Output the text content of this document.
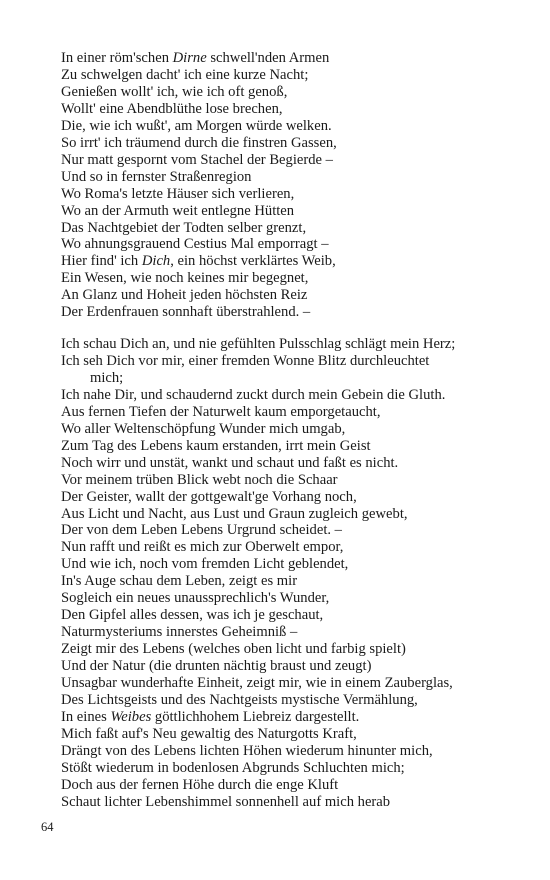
In einer röm'schen Dirne schwell'nden Armen
Zu schwelgen dacht' ich eine kurze Nacht;
Genießen wollt' ich, wie ich oft genoß,
Wollt' eine Abendblüthe lose brechen,
Die, wie ich wußt', am Morgen würde welken.
So irrt' ich träumend durch die finstren Gassen,
Nur matt gespornt vom Stachel der Begierde –
Und so in fernster Straßenregion
Wo Roma's letzte Häuser sich verlieren,
Wo an der Armuth weit entlegne Hütten
Das Nachtgebiet der Todten selber grenzt,
Wo ahnungsgrauend Cestius Mal emporragt –
Hier find' ich Dich, ein höchst verklärtes Weib,
Ein Wesen, wie noch keines mir begegnet,
An Glanz und Hoheit jeden höchsten Reiz
Der Erdenfrauen sonnhaft überstrahlend. –
Ich schau Dich an, und nie gefühlten Pulsschlag schlägt mein Herz;
Ich seh Dich vor mir, einer fremden Wonne Blitz durchleuchtet
mich;
Ich nahe Dir, und schaudernd zuckt durch mein Gebein die Gluth.
Aus fernen Tiefen der Naturwelt kaum emporgetaucht,
Wo aller Weltenschöpfung Wunder mich umgab,
Zum Tag des Lebens kaum erstanden, irrt mein Geist
Noch wirr und unstät, wankt und schaut und faßt es nicht.
Vor meinem trüben Blick webt noch die Schaar
Der Geister, wallt der gottgewalt'ge Vorhang noch,
Aus Licht und Nacht, aus Lust und Graun zugleich gewebt,
Der von dem Leben Lebens Urgrund scheidet. –
Nun rafft und reißt es mich zur Oberwelt empor,
Und wie ich, noch vom fremden Licht geblendet,
In's Auge schau dem Leben, zeigt es mir
Sogleich ein neues unaussprechlich's Wunder,
Den Gipfel alles dessen, was ich je geschaut,
Naturmysteriums innerstes Geheimniß –
Zeigt mir des Lebens (welches oben licht und farbig spielt)
Und der Natur (die drunten nächtig braust und zeugt)
Unsagbar wunderhafte Einheit, zeigt mir, wie in einem Zauberglas,
Des Lichtsgeists und des Nachtgeists mystische Vermählung,
In eines Weibes göttlichhohem Liebreiz dargestellt.
Mich faßt auf's Neu gewaltig des Naturgotts Kraft,
Drängt von des Lebens lichten Höhen wiederum hinunter mich,
Stößt wiederum in bodenlosen Abgrunds Schluchten mich;
Doch aus der fernen Höhe durch die enge Kluft
Schaut lichter Lebenshimmel sonnenhell auf mich herab
64
